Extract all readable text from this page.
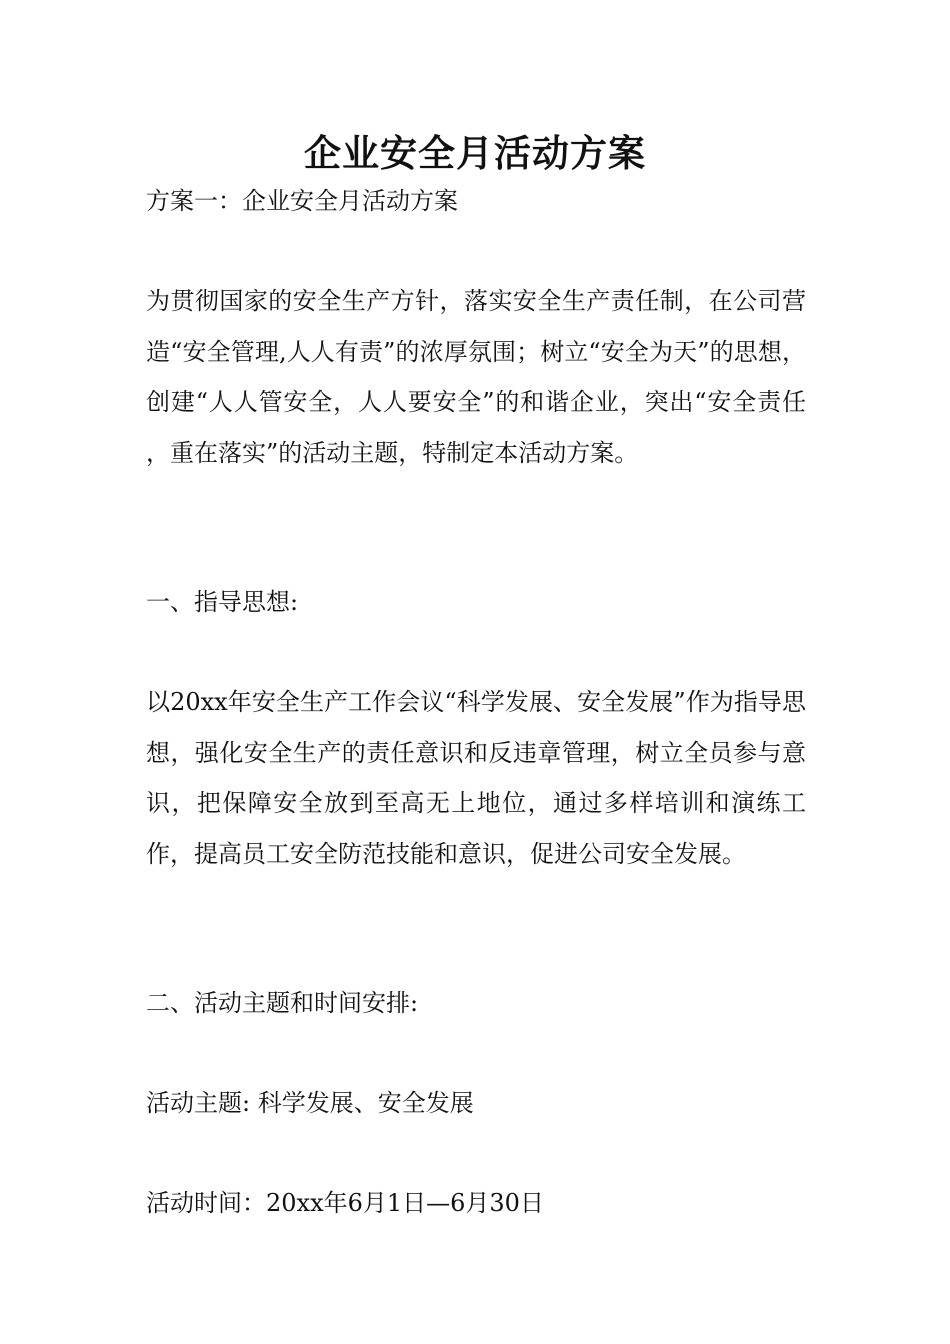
企业安全月活动方案
方案一：企业安全月活动方案
为贯彻国家的安全生产方针，落实安全生产责任制，在公司营造“安全管理,人人有责”的浓厚氛围；树立“安全为天”的思想，创建“人人管安全，人人要安全”的和谐企业，突出“安全责任 ，重在落实”的活动主题，特制定本活动方案。
一、指导思想:
以20xx年安全生产工作会议“科学发展、安全发展”作为指导思想，强化安全生产的责任意识和反违章管理，树立全员参与意识，把保障安全放到至高无上地位，通过多样培训和演练工作，提高员工安全防范技能和意识，促进公司安全发展。
二、活动主题和时间安排:
活动主题: 科学发展、安全发展
活动时间：20xx年6月1日—6月30日
